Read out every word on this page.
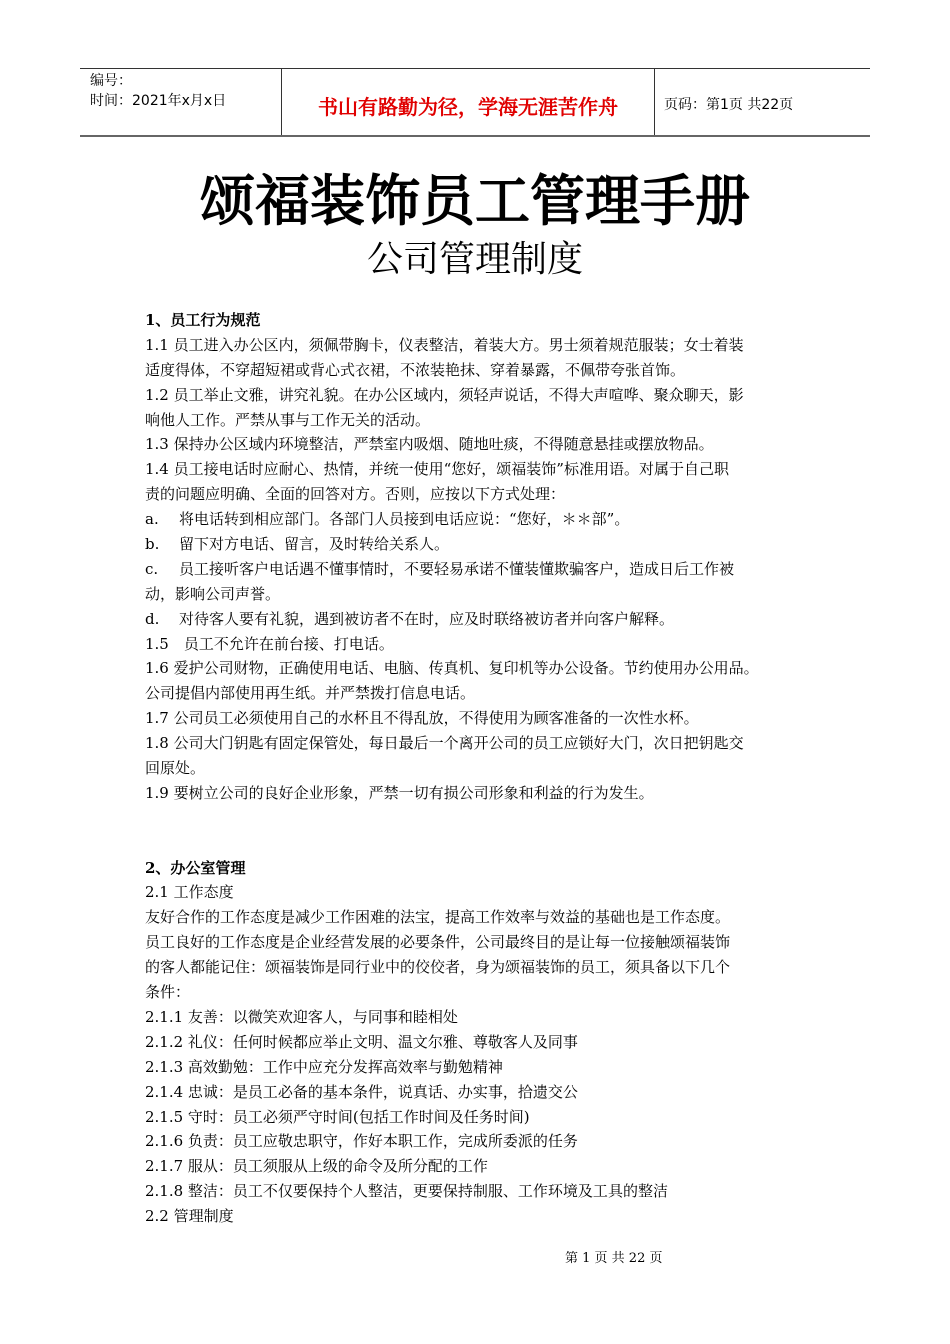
编号：
时间：2021年x月x日	书山有路勤为径，学海无涯苦作舟	页码：第1页 共22页
颂福装饰员工管理手册
公司管理制度
1、员工行为规范
1.1 员工进入办公区内，须佩带胸卡，仪表整洁，着装大方。男士须着规范服装；女士着装
适度得体，不穿超短裙或背心式衣裙，不浓装艳抹、穿着暴露，不佩带夸张首饰。
1.2 员工举止文雅，讲究礼貌。在办公区域内，须轻声说话，不得大声喧哗、聚众聊天，影
响他人工作。严禁从事与工作无关的活动。
1.3 保持办公区域内环境整洁，严禁室内吸烟、随地吐痰，不得随意悬挂或摆放物品。
1.4 员工接电话时应耐心、热情，并统一使用“您好，颂福装饰”标准用语。对属于自己职
责的问题应明确、全面的回答对方。否则，应按以下方式处理：
a. 将电话转到相应部门。各部门人员接到电话应说：“您好，＊＊部”。
b. 留下对方电话、留言，及时转给关系人。
c. 员工接听客户电话遇不懂事情时，不要轻易承诺不懂装懂欺骗客户，造成日后工作被
动，影响公司声誉。
d. 对待客人要有礼貌，遇到被访者不在时，应及时联络被访者并向客户解释。
1.5　员工不允许在前台接、打电话。
1.6 爱护公司财物，正确使用电话、电脑、传真机、复印机等办公设备。节约使用办公用品。
公司提倡内部使用再生纸。并严禁拨打信息电话。
1.7 公司员工必须使用自己的水杯且不得乱放，不得使用为顾客准备的一次性水杯。
1.8 公司大门钥匙有固定保管处，每日最后一个离开公司的员工应锁好大门，次日把钥匙交
回原处。
1.9 要树立公司的良好企业形象，严禁一切有损公司形象和利益的行为发生。
2、办公室管理
2.1 工作态度
友好合作的工作态度是减少工作困难的法宝，提高工作效率与效益的基础也是工作态度。
员工良好的工作态度是企业经营发展的必要条件，公司最终目的是让每一位接触颂福装饰
的客人都能记住：颂福装饰是同行业中的佼佼者，身为颂福装饰的员工，须具备以下几个
条件：
2.1.1 友善：以微笑欢迎客人，与同事和睦相处
2.1.2 礼仪：任何时候都应举止文明、温文尔雅、尊敬客人及同事
2.1.3 高效勤勉：工作中应充分发挥高效率与勤勉精神
2.1.4 忠诚：是员工必备的基本条件，说真话、办实事，拾遗交公
2.1.5 守时：员工必须严守时间(包括工作时间及任务时间)
2.1.6 负责：员工应敬忠职守，作好本职工作，完成所委派的任务
2.1.7 服从：员工须服从上级的命令及所分配的工作
2.1.8 整洁：员工不仅要保持个人整洁，更要保持制服、工作环境及工具的整洁
2.2 管理制度
第 1 页 共 22 页
